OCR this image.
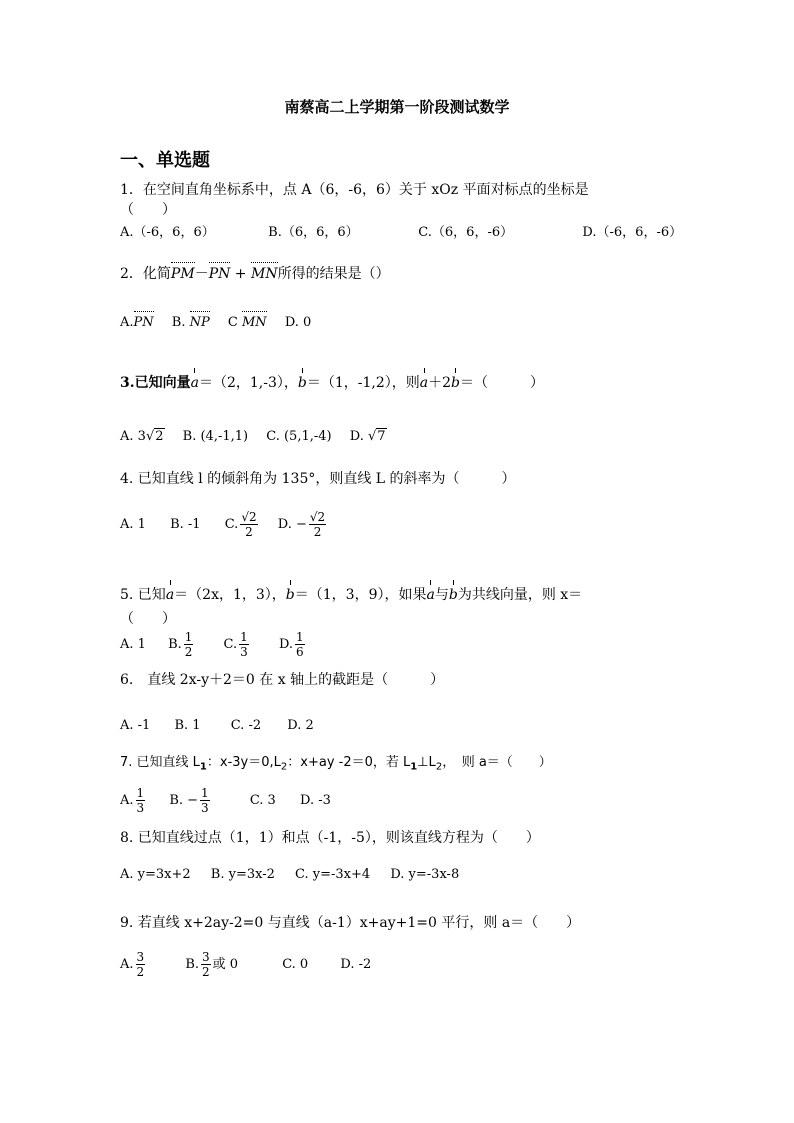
南蔡高二上学期第一阶段测试数学
一、单选题
1．在空间直角坐标系中，点 A（6，-6，6）关于 xOz 平面对标点的坐标是
（　　）
A.（-6，6，6）	B.（6，6，6）	C.（6，6，-6）	D.（-6，6，-6）
2．化简PM－PN + MN所得的结果是（）
A.PN B. NP C MN D. 0
3.已知向量a＝（2，1,-3），b＝（1，-1,2），则a＋2b＝（　　　）
A. 3√2 B. (4,-1,1) C. (5,1,-4) D. √7
4. 已知直线 l 的倾斜角为 135°，则直线 L 的斜率为（　　　）
A. 1 B. -1 C. $\frac{√2}{2} D$. − $\frac{√2}{2}$
5. 已知a＝（2x，1，3），b＝（1，3，9），如果a与b为共线向量，则 x＝
（　　）
A. 1 B. $\frac{1}{2} C$. $\frac{1}{3} D$. $\frac{1}{6}$
6.　直线 2x-y＋2＝0 在 x 轴上的截距是（　　　）
A. -1 B. 1 C. -2 D. 2
7. 已知直线 $L_1$：$x-3y=0,L_2$：x+ay -2＝0，若 $L_1\perp L_2$，　则 a＝（　　）
A. $\frac{1}{3} B$. − $\frac{1}{3}$	C. 3 D. -3
8. 已知直线过点（1，1）和点（-1，-5），则该直线方程为（　　）
A. y=3x+2 B. y=3x-2 C. y=-3x+4 D. y=-3x-8
9. 若直线 x+2ay-2=0 与直线（a-1）x+ay+1=0 平行，则 a＝（　　）
A. $\frac{3}{2}$	B. $\frac{3}{2}$ 或 0	C. 0 D. -2
